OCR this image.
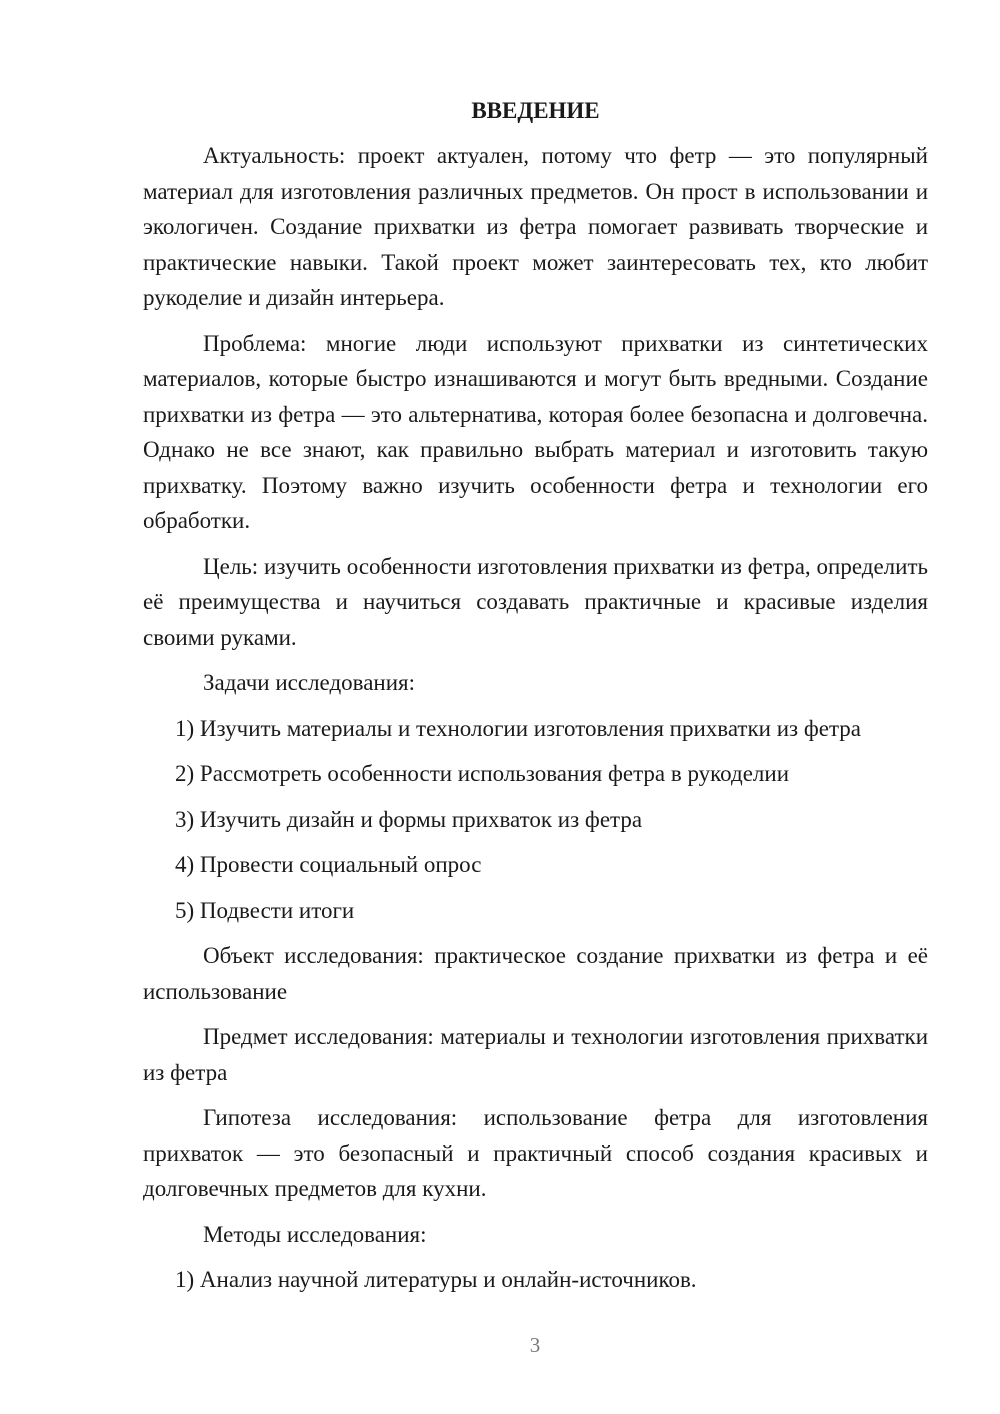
ВВЕДЕНИЕ

Актуальность: проект актуален, потому что фетр — это популярный материал для изготовления различных предметов. Он прост в использовании и экологичен. Создание прихватки из фетра помогает развивать творческие и практические навыки. Такой проект может заинтересовать тех, кто любит рукоделие и дизайн интерьера.

Проблема: многие люди используют прихватки из синтетических материалов, которые быстро изнашиваются и могут быть вредными. Создание прихватки из фетра — это альтернатива, которая более безопасна и долговечна. Однако не все знают, как правильно выбрать материал и изготовить такую прихватку. Поэтому важно изучить особенности фетра и технологии его обработки.

Цель: изучить особенности изготовления прихватки из фетра, определить её преимущества и научиться создавать практичные и красивые изделия своими руками.

Задачи исследования:

1) Изучить материалы и технологии изготовления прихватки из фетра
2) Рассмотреть особенности использования фетра в рукоделии
3) Изучить дизайн и формы прихваток из фетра
4) Провести социальный опрос
5) Подвести итоги

Объект исследования: практическое создание прихватки из фетра и её использование

Предмет исследования: материалы и технологии изготовления прихватки из фетра

Гипотеза исследования: использование фетра для изготовления прихваток — это безопасный и практичный способ создания красивых и долговечных предметов для кухни.

Методы исследования:

1) Анализ научной литературы и онлайн-источников.
3
